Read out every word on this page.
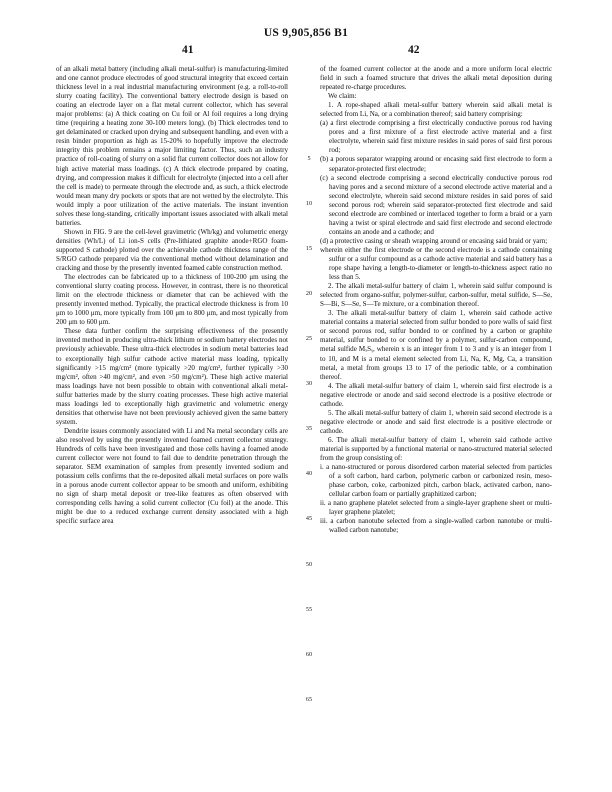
US 9,905,856 B1
41	42

of an alkali metal battery (including alkali metal-sulfur) is manufacturing-limited and one cannot produce electrodes of good structural integrity that exceed certain thickness level in a real industrial manufacturing environment (e.g. a roll-to-roll slurry coating facility). The conventional battery electrode design is based on coating an electrode layer on a flat metal current collector, which has several major problems: (a) A thick coating on Cu foil or Al foil requires a long drying time (requiring a heating zone 30-100 meters long). (b) Thick electrodes tend to get delaminated or cracked upon drying and subsequent handling, and even with a resin binder proportion as high as 15-20% to hopefully improve the electrode integrity this problem remains a major limiting factor. Thus, such an industry practice of roll-coating of slurry on a solid flat current collector does not allow for high active material mass loadings. (c) A thick electrode prepared by coating, drying, and compression makes it difficult for electrolyte (injected into a cell after the cell is made) to permeate through the electrode and, as such, a thick electrode would mean many dry pockets or spots that are not wetted by the electrolyte. This would imply a poor utilization of the active materials. The instant invention solves these long-standing, critically important issues associated with alkali metal batteries.

Shown in FIG. 9 are the cell-level gravimetric (Wh/kg) and volumetric energy densities (Wh/L) of Li ion-S cells (Pre-lithiated graphite anode+RGO foam-supported S cathode) plotted over the achievable cathode thickness range of the S/RGO cathode prepared via the conventional method without delamination and cracking and those by the presently invented foamed cable construction method.

The electrodes can be fabricated up to a thickness of 100-200 μm using the conventional slurry coating process. However, in contrast, there is no theoretical limit on the electrode thickness or diameter that can be achieved with the presently invented method. Typically, the practical electrode thickness is from 10 μm to 1000 μm, more typically from 100 μm to 800 μm, and most typically from 200 μm to 600 μm.

These data further confirm the surprising effectiveness of the presently invented method in producing ultra-thick lithium or sodium battery electrodes not previously achievable. These ultra-thick electrodes in sodium metal batteries lead to exceptionally high sulfur cathode active material mass loading, typically significantly >15 mg/cm² (more typically >20 mg/cm², further typically >30 mg/cm², often >40 mg/cm², and even >50 mg/cm²). These high active material mass loadings have not been possible to obtain with conventional alkali metal-sulfur batteries made by the slurry coating processes. These high active material mass loadings led to exceptionally high gravimetric and volumetric energy densities that otherwise have not been previously achieved given the same battery system.

Dendrite issues commonly associated with Li and Na metal secondary cells are also resolved by using the presently invented foamed current collector strategy. Hundreds of cells have been investigated and those cells having a foamed anode current collector were not found to fail due to dendrite penetration through the separator. SEM examination of samples from presently invented sodium and potassium cells confirms that the re-deposited alkali metal surfaces on pore walls in a porous anode current collector appear to be smooth and uniform, exhibiting no sign of sharp metal deposit or tree-like features as often observed with corresponding cells having a solid current collector (Cu foil) at the anode. This might be due to a reduced exchange current density associated with a high specific surface area

5
10
15
20
25
30
35
40
45
50
55
60
65

of the foamed current collector at the anode and a more uniform local electric field in such a foamed structure that drives the alkali metal deposition during repeated re-charge procedures.

We claim:

1. A rope-shaped alkali metal-sulfur battery wherein said alkali metal is selected from Li, Na, or a combination thereof; said battery comprising:

(a) a first electrode comprising a first electrically conductive porous rod having pores and a first mixture of a first electrode active material and a first electrolyte, wherein said first mixture resides in said pores of said first porous rod;

(b) a porous separator wrapping around or encasing said first electrode to form a separator-protected first electrode;

(c) a second electrode comprising a second electrically conductive porous rod having pores and a second mixture of a second electrode active material and a second electrolyte, wherein said second mixture resides in said pores of said second porous rod; wherein said separator-protected first electrode and said second electrode are combined or interlaced together to form a braid or a yarn having a twist or spiral electrode and said first electrode and second electrode contains an anode and a cathode; and

(d) a protective casing or sheath wrapping around or encasing said braid or yarn;

wherein either the first electrode or the second electrode is a cathode containing sulfur or a sulfur compound as a cathode active material and said battery has a rope shape having a length-to-diameter or length-to-thickness aspect ratio no less than 5.

2. The alkali metal-sulfur battery of claim 1, wherein said sulfur compound is selected from organo-sulfur, polymer-sulfur, carbon-sulfur, metal sulfide, S—Se, S—Bi, S—Se, S—Te mixture, or a combination thereof.

3. The alkali metal-sulfur battery of claim 1, wherein said cathode active material contains a material selected from sulfur bonded to pore walls of said first or second porous rod, sulfur bonded to or confined by a carbon or graphite material, sulfur bonded to or confined by a polymer, sulfur-carbon compound, metal sulfide MₓSᵧ, wherein x is an integer from 1 to 3 and y is an integer from 1 to 10, and M is a metal element selected from Li, Na, K, Mg, Ca, a transition metal, a metal from groups 13 to 17 of the periodic table, or a combination thereof.

4. The alkali metal-sulfur battery of claim 1, wherein said first electrode is a negative electrode or anode and said second electrode is a positive electrode or cathode.

5. The alkali metal-sulfur battery of claim 1, wherein said second electrode is a negative electrode or anode and said first electrode is a positive electrode or cathode.

6. The alkali metal-sulfur battery of claim 1, wherein said cathode active material is supported by a functional material or nano-structured material selected from the group consisting of:

i. a nano-structured or porous disordered carbon material selected from particles of a soft carbon, hard carbon, polymeric carbon or carbonized resin, meso-phase carbon, coke, carbonized pitch, carbon black, activated carbon, nano-cellular carbon foam or partially graphitized carbon;

ii. a nano graphene platelet selected from a single-layer graphene sheet or multi-layer graphene platelet;

iii. a carbon nanotube selected from a single-walled carbon nanotube or multi-walled carbon nanotube;
